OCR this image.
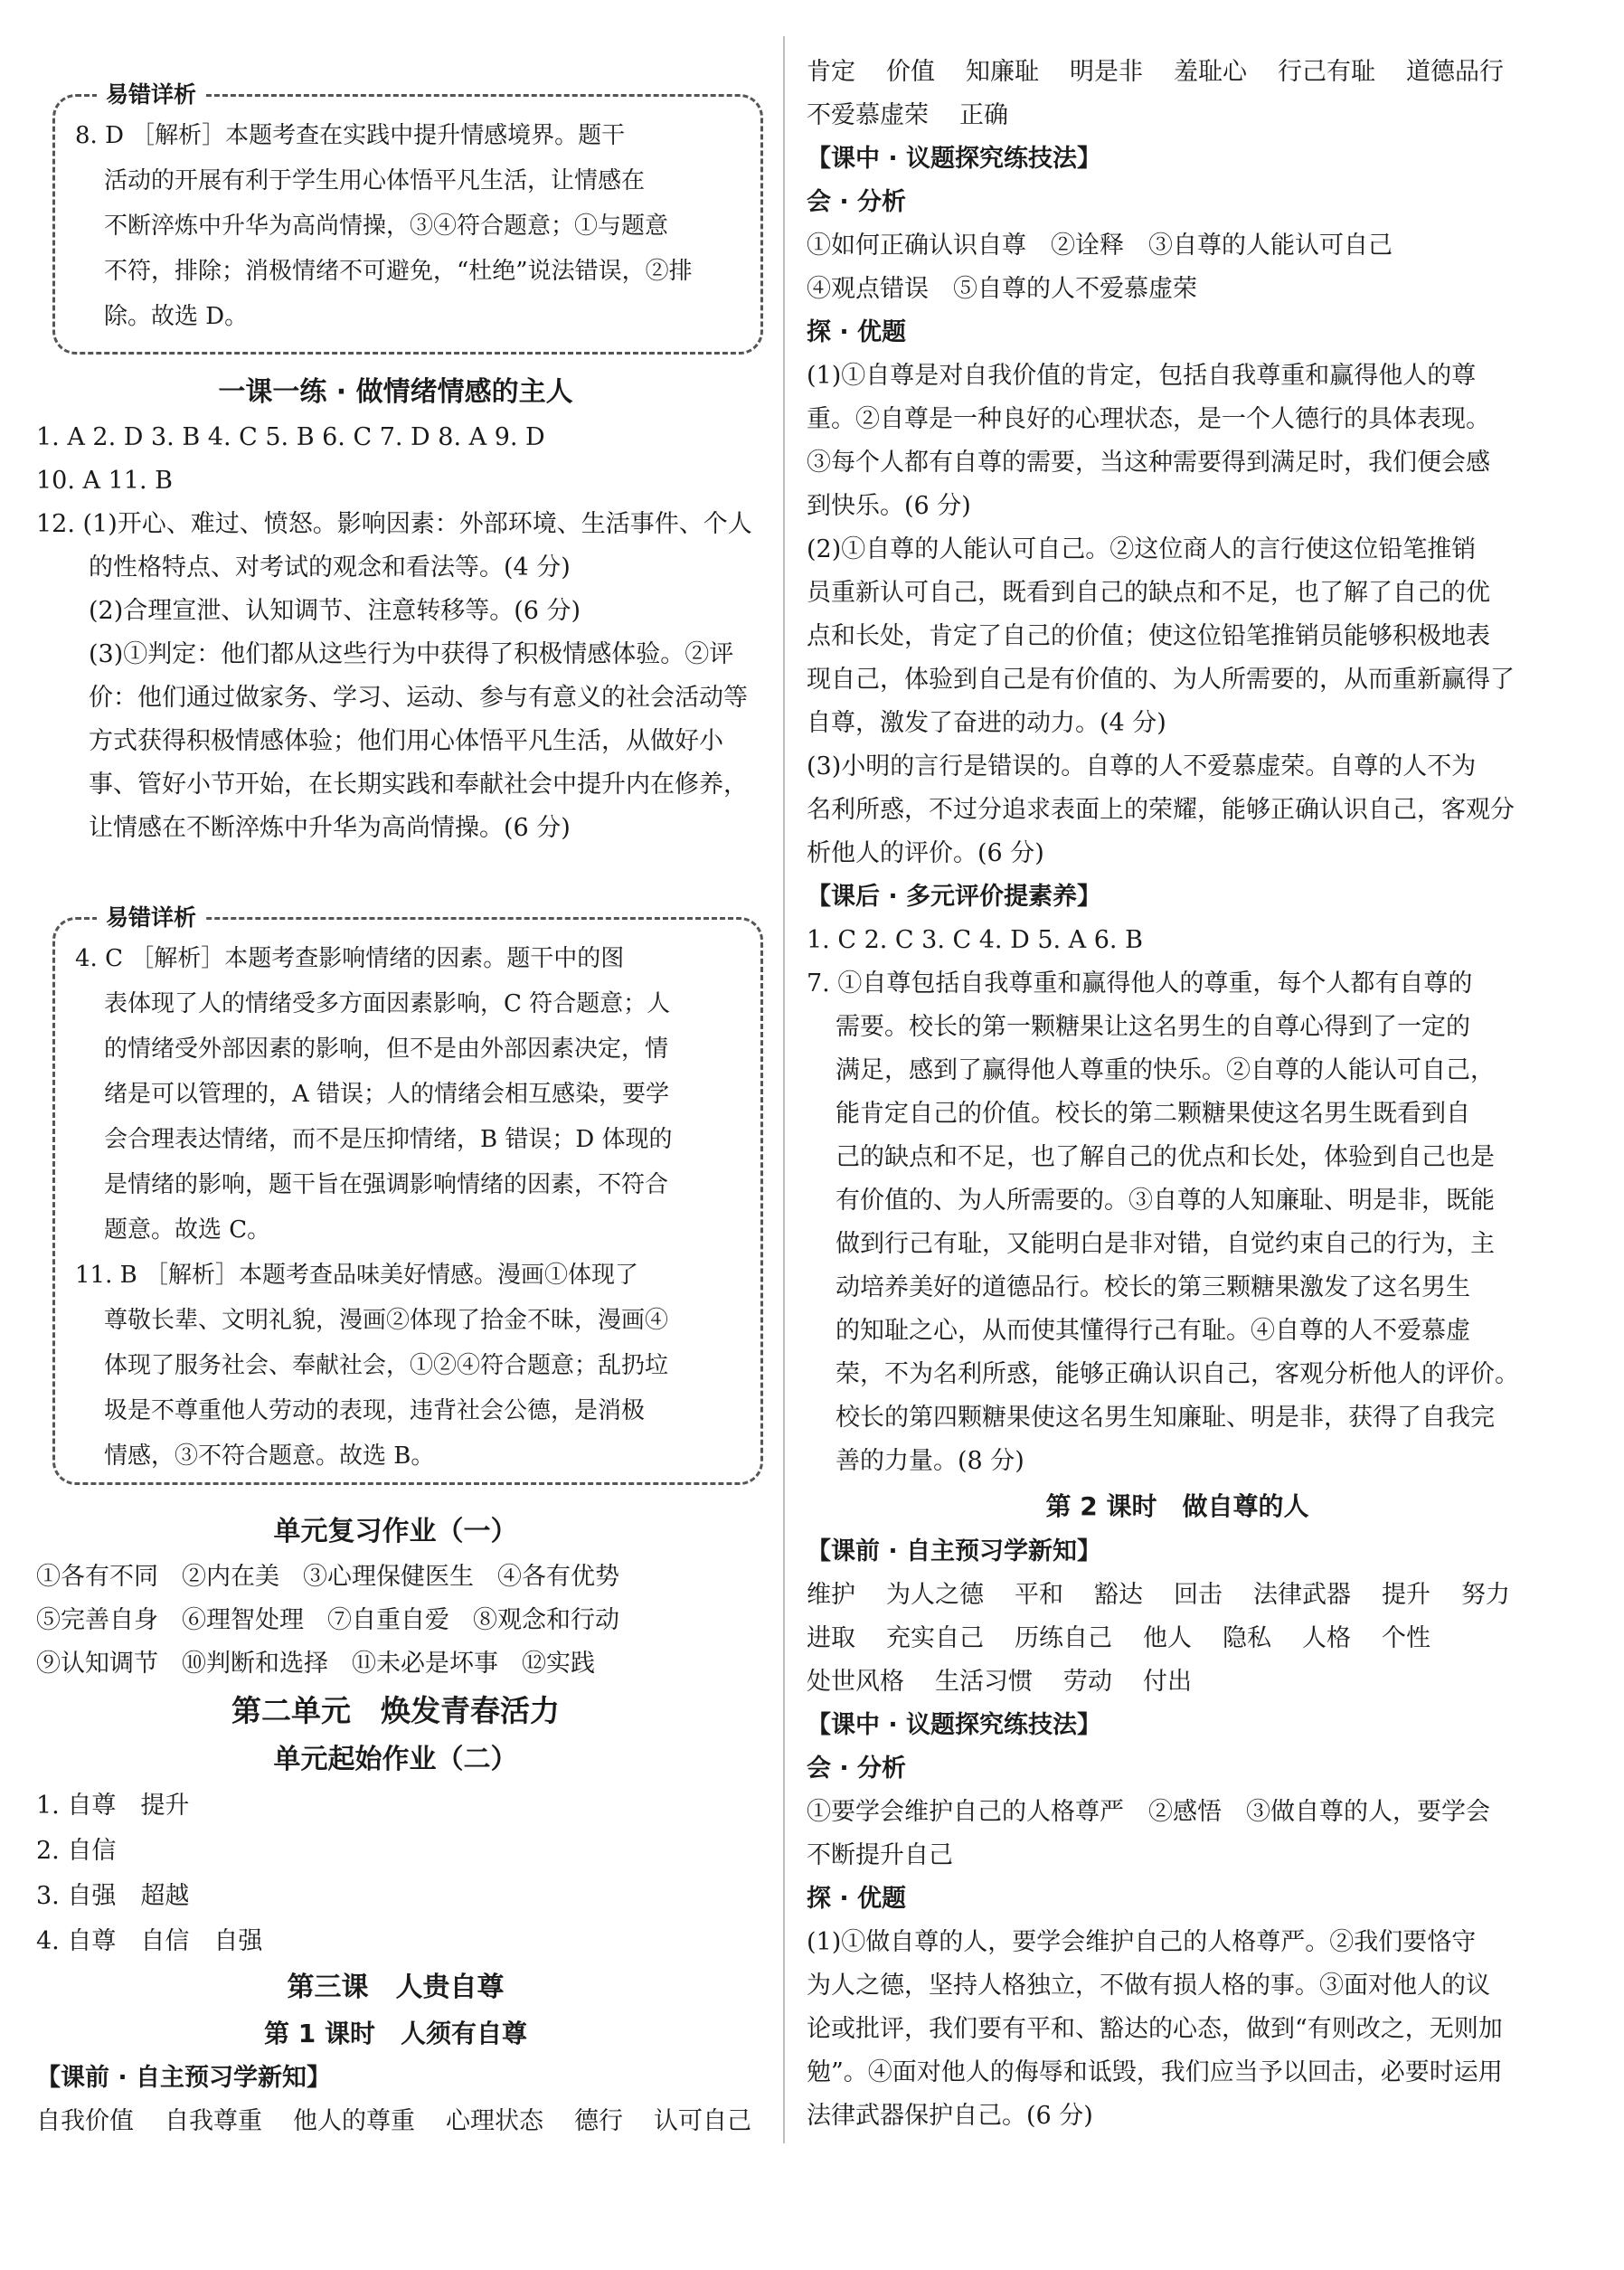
易错详析
8. D ［解析］本题考查在实践中提升情感境界。题干
活动的开展有利于学生用心体悟平凡生活，让情感在
不断淬炼中升华为高尚情操，③④符合题意；①与题意
不符，排除；消极情绪不可避免，“杜绝”说法错误，②排
除。故选 D。
一课一练 · 做情绪情感的主人
1. A 2. D 3. B 4. C 5. B 6. C 7. D 8. A 9. D
10. A 11. B
12. (1)开心、难过、愤怒。影响因素：外部环境、生活事件、个人
的性格特点、对考试的观念和看法等。(4 分)
(2)合理宣泄、认知调节、注意转移等。(6 分)
(3)①判定：他们都从这些行为中获得了积极情感体验。②评
价：他们通过做家务、学习、运动、参与有意义的社会活动等
方式获得积极情感体验；他们用心体悟平凡生活，从做好小
事、管好小节开始，在长期实践和奉献社会中提升内在修养，
让情感在不断淬炼中升华为高尚情操。(6 分)
易错详析
4. C ［解析］本题考查影响情绪的因素。题干中的图
表体现了人的情绪受多方面因素影响，C 符合题意；人
的情绪受外部因素的影响，但不是由外部因素决定，情
绪是可以管理的，A 错误；人的情绪会相互感染，要学
会合理表达情绪，而不是压抑情绪，B 错误；D 体现的
是情绪的影响，题干旨在强调影响情绪的因素，不符合
题意。故选 C。
11. B ［解析］本题考查品味美好情感。漫画①体现了
尊敬长辈、文明礼貌，漫画②体现了拾金不昧，漫画④
体现了服务社会、奉献社会，①②④符合题意；乱扔垃
圾是不尊重他人劳动的表现，违背社会公德，是消极
情感，③不符合题意。故选 B。
单元复习作业（一）
①各有不同 ②内在美 ③心理保健医生 ④各有优势
⑤完善自身 ⑥理智处理 ⑦自重自爱 ⑧观念和行动
⑨认知调节 ⑩判断和选择 ⑪未必是坏事 ⑫实践
第二单元　焕发青春活力
单元起始作业（二）
1. 自尊　提升
2. 自信
3. 自强　超越
4. 自尊　自信　自强
第三课　人贵自尊
第 1 课时　人须有自尊
【课前 · 自主预习学新知】
自我价值 自我尊重 他人的尊重 心理状态 德行 认可自己
肯定 价值 知廉耻 明是非 羞耻心 行己有耻 道德品行
不爱慕虚荣 正确
【课中 · 议题探究练技法】
会 · 分析
①如何正确认识自尊　②诠释　③自尊的人能认可自己
④观点错误　⑤自尊的人不爱慕虚荣
探 · 优题
(1)①自尊是对自我价值的肯定，包括自我尊重和赢得他人的尊
重。②自尊是一种良好的心理状态，是一个人德行的具体表现。
③每个人都有自尊的需要，当这种需要得到满足时，我们便会感
到快乐。(6 分)
(2)①自尊的人能认可自己。②这位商人的言行使这位铅笔推销
员重新认可自己，既看到自己的缺点和不足，也了解了自己的优
点和长处，肯定了自己的价值；使这位铅笔推销员能够积极地表
现自己，体验到自己是有价值的、为人所需要的，从而重新赢得了
自尊，激发了奋进的动力。(4 分)
(3)小明的言行是错误的。自尊的人不爱慕虚荣。自尊的人不为
名利所惑，不过分追求表面上的荣耀，能够正确认识自己，客观分
析他人的评价。(6 分)
【课后 · 多元评价提素养】
1. C 2. C 3. C 4. D 5. A 6. B
7. ①自尊包括自我尊重和赢得他人的尊重，每个人都有自尊的
需要。校长的第一颗糖果让这名男生的自尊心得到了一定的
满足，感到了赢得他人尊重的快乐。②自尊的人能认可自己，
能肯定自己的价值。校长的第二颗糖果使这名男生既看到自
己的缺点和不足，也了解自己的优点和长处，体验到自己也是
有价值的、为人所需要的。③自尊的人知廉耻、明是非，既能
做到行己有耻，又能明白是非对错，自觉约束自己的行为，主
动培养美好的道德品行。校长的第三颗糖果激发了这名男生
的知耻之心，从而使其懂得行己有耻。④自尊的人不爱慕虚
荣，不为名利所惑，能够正确认识自己，客观分析他人的评价。
校长的第四颗糖果使这名男生知廉耻、明是非，获得了自我完
善的力量。(8 分)
第 2 课时　做自尊的人
【课前 · 自主预习学新知】
维护 为人之德 平和 豁达 回击 法律武器 提升 努力
进取 充实自己 历练自己 他人 隐私 人格 个性
处世风格 生活习惯 劳动 付出
【课中 · 议题探究练技法】
会 · 分析
①要学会维护自己的人格尊严　②感悟　③做自尊的人，要学会
不断提升自己
探 · 优题
(1)①做自尊的人，要学会维护自己的人格尊严。②我们要恪守
为人之德，坚持人格独立，不做有损人格的事。③面对他人的议
论或批评，我们要有平和、豁达的心态，做到“有则改之，无则加
勉”。④面对他人的侮辱和诋毁，我们应当予以回击，必要时运用
法律武器保护自己。(6 分)
